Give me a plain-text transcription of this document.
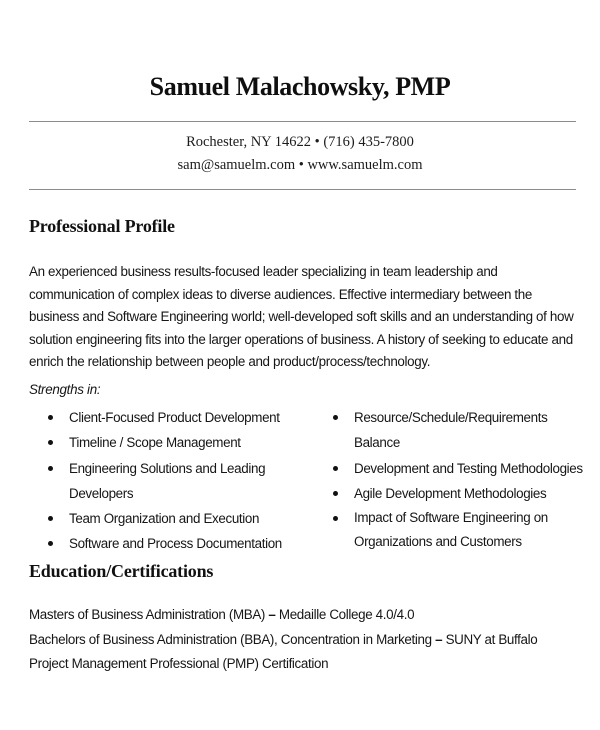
Samuel Malachowsky, PMP
Rochester, NY 14622 • (716) 435-7800
sam@samuelm.com • www.samuelm.com
Professional Profile
An experienced business results-focused leader specializing in team leadership and communication of complex ideas to diverse audiences. Effective intermediary between the business and Software Engineering world; well-developed soft skills and an understanding of how solution engineering fits into the larger operations of business. A history of seeking to educate and enrich the relationship between people and product/process/technology.
Strengths in:
Client-Focused Product Development
Timeline / Scope Management
Engineering Solutions and Leading Developers
Team Organization and Execution
Software and Process Documentation
Resource/Schedule/Requirements Balance
Development and Testing Methodologies
Agile Development Methodologies
Impact of Software Engineering on Organizations and Customers
Education/Certifications
Masters of Business Administration (MBA) – Medaille College 4.0/4.0
Bachelors of Business Administration (BBA), Concentration in Marketing – SUNY at Buffalo
Project Management Professional (PMP) Certification
